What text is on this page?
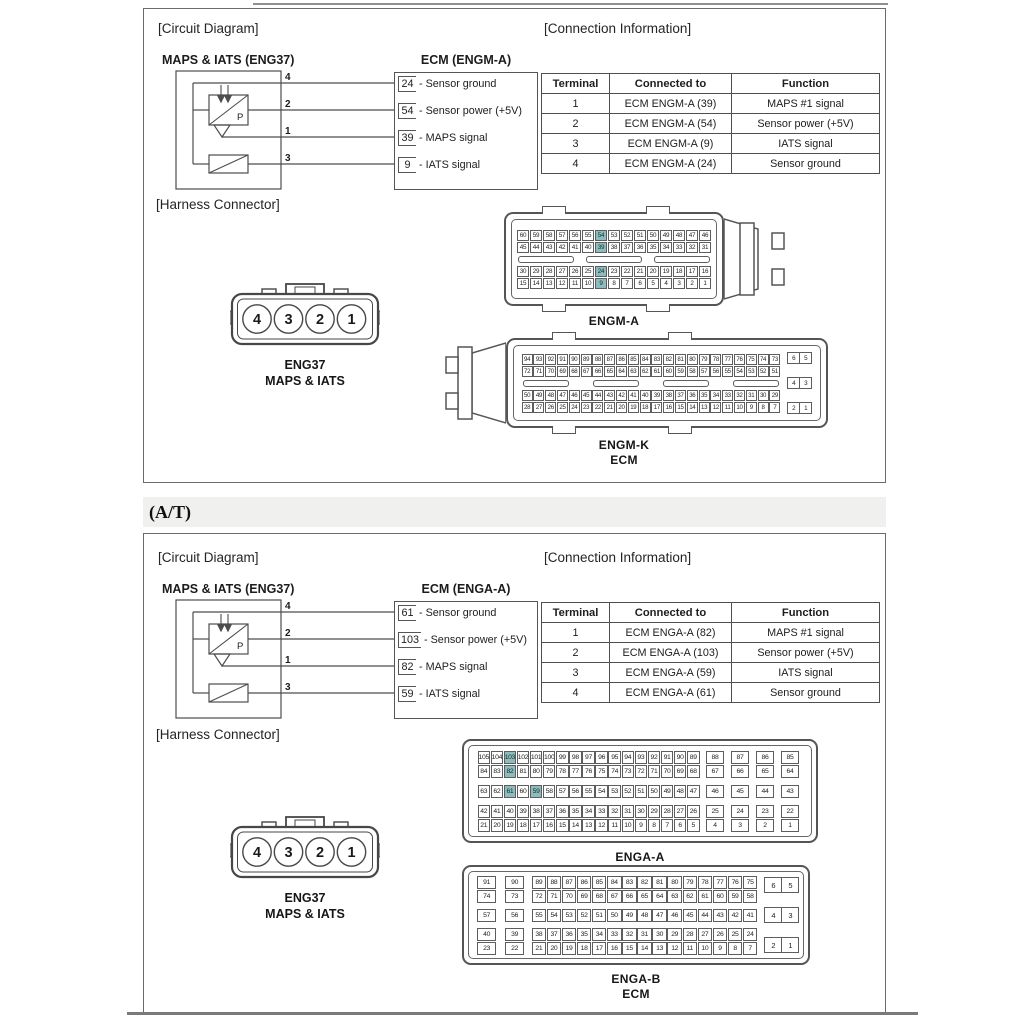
[Circuit Diagram]	[Connection Information]
MAPS & IATS (ENG37)	ECM (ENGM-A)
P
4
2
1
3
24 - Sensor ground
54 - Sensor power (+5V)
39 - MAPS signal
9 - IATS signal
Terminal	Connected to	Function
1	ECM ENGM-A (39)	MAPS #1 signal
2	ECM ENGM-A (54)	Sensor power (+5V)
3	ECM ENGM-A (9)	IATS signal
4	ECM ENGM-A (24)	Sensor ground
[Harness Connector]
4 3 2 1
ENG37
MAPS & IATS
60	59	58	57	56	55	54	53	52	51	50	49	48	47	46
45	44	43	42	41	40	39	38	37	36	35	34	33	32	31
30	29	28	27	26	25	24	23	22	21	20	19	18	17	16
15	14	13	12	11	10	9	8	7	6	5	4	3	2	1
ENGM-A
94 93 92 91 90 89 88 87 86 85 84 83 82 81 80 79 78 77 76 75 74 73
72 71 70 69 68 67 66 65 64 63 62 61 60 59 58 57 56 55 54 53 52 51
50 49 48 47 46 45 44 43 42 41 40 39 38 37 36 35 34 33 32 31 30 29
28 27 26 25 24 23 22 21 20 19 18 17 16 15 14 13 12 11 10	9	8	7
6	5
4	3
2	1
ENGM-K
ECM
(A/T)
[Circuit Diagram]	[Connection Information]
MAPS & IATS (ENG37)	ECM (ENGA-A)
P
4
2
1
3
61 - Sensor ground
103 - Sensor power (+5V)
82 - MAPS signal
59 - IATS signal
Terminal	Connected to	Function
1	ECM ENGA-A (82)	MAPS #1 signal
2	ECM ENGA-A (103)	Sensor power (+5V)
3	ECM ENGA-A (59)	IATS signal
4	ECM ENGA-A (61)	Sensor ground
[Harness Connector]
4 3 2 1
ENG37
MAPS & IATS
105 104 103 102 101 100 99 98 97 96 95 94 93 92 91 90 89	88	87	86	85
84 83 82 81 80 79 78 77 76 75 74 73 72 71 70 69 68	67	66	65	64
63 62 61 60 59 58 57 56 55 54 53 52 51 50 49 48 47	46	45	44	43
42 41 40 39 38 37 36 35 34 33 32 31 30 29 28 27 26	25	24	23	22
21 20 19 18 17 16 15 14 13 12 11 10	9	8	7	6	5	4	3	2	1
ENGA-A
91	90	89	88	87	86	85	84	83	82	81	80	79	78	77	76	75
74	73	72	71	70	69	68	67	66	65	64	63	62	61	60	59	58
57	56	55	54	53	52	51	50	49	48	47	46	45	44	43	42	41
40	39	38	37	36	35	34	33	32	31	30	29	28	27	26	25	24
23	22	21	20	19	18	17	16	15	14	13	12	11	10	9	8	7
6	5
4	3
2	1
ENGA-B
ECM
